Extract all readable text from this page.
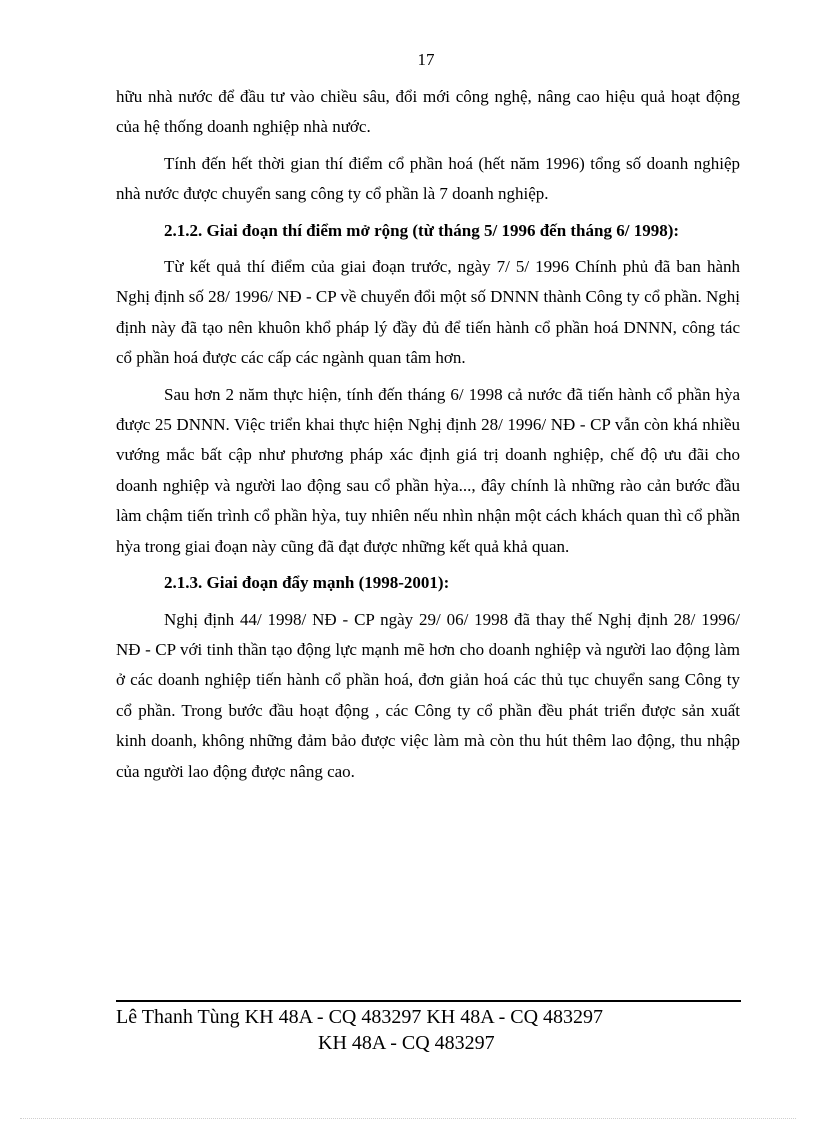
17

hữu nhà nước để đầu tư vào chiều sâu, đổi mới công nghệ, nâng cao hiệu quả hoạt động của hệ thống doanh nghiệp nhà nước.

Tính đến hết thời gian thí điểm cổ phần hoá (hết năm 1996) tổng số doanh nghiệp nhà nước được chuyển sang công ty cổ phần là 7 doanh nghiệp.

2.1.2. Giai đoạn thí điểm mở rộng (từ tháng 5/ 1996 đến tháng 6/ 1998):

Từ kết quả thí điểm của giai đoạn trước, ngày 7/ 5/ 1996 Chính phủ đã ban hành Nghị định số 28/ 1996/ NĐ - CP về chuyển đổi một số DNNN thành Công ty cổ phần. Nghị định này đã tạo nên khuôn khổ pháp lý đầy đủ để tiến hành cổ phần hoá DNNN, công tác cổ phần hoá được các cấp các ngành quan tâm hơn.

Sau hơn 2 năm thực hiện, tính đến tháng 6/ 1998 cả nước đã tiến hành cổ phần hỳa được 25 DNNN. Việc triển khai thực hiện Nghị định 28/ 1996/ NĐ - CP vẫn còn khá nhiều vướng mắc bất cập như phương pháp xác định giá trị doanh nghiệp, chế độ ưu đãi cho doanh nghiệp và người lao động sau cổ phần hỳa..., đây chính là những rào cản bước đầu làm chậm tiến trình cổ phần hỳa, tuy nhiên nếu nhìn nhận một cách khách quan thì cổ phần hỳa trong giai đoạn này cũng đã đạt được những kết quả khả quan.

2.1.3. Giai đoạn đẩy mạnh (1998-2001):

Nghị định 44/ 1998/ NĐ - CP ngày 29/ 06/ 1998 đã thay thế Nghị định 28/ 1996/ NĐ - CP với tinh thần tạo động lực mạnh mẽ hơn cho doanh nghiệp và người lao động làm ở các doanh nghiệp tiến hành cổ phần hoá, đơn giản hoá các thủ tục chuyển sang Công ty cổ phần. Trong bước đầu hoạt động , các Công ty cổ phần đều phát triển được sản xuất kinh doanh, không những đảm bảo được việc làm mà còn thu hút thêm lao động, thu nhập của người lao động được nâng cao.

Lê Thanh Tùng KH 48A - CQ 483297 KH 48A - CQ 483297
KH 48A - CQ 483297
